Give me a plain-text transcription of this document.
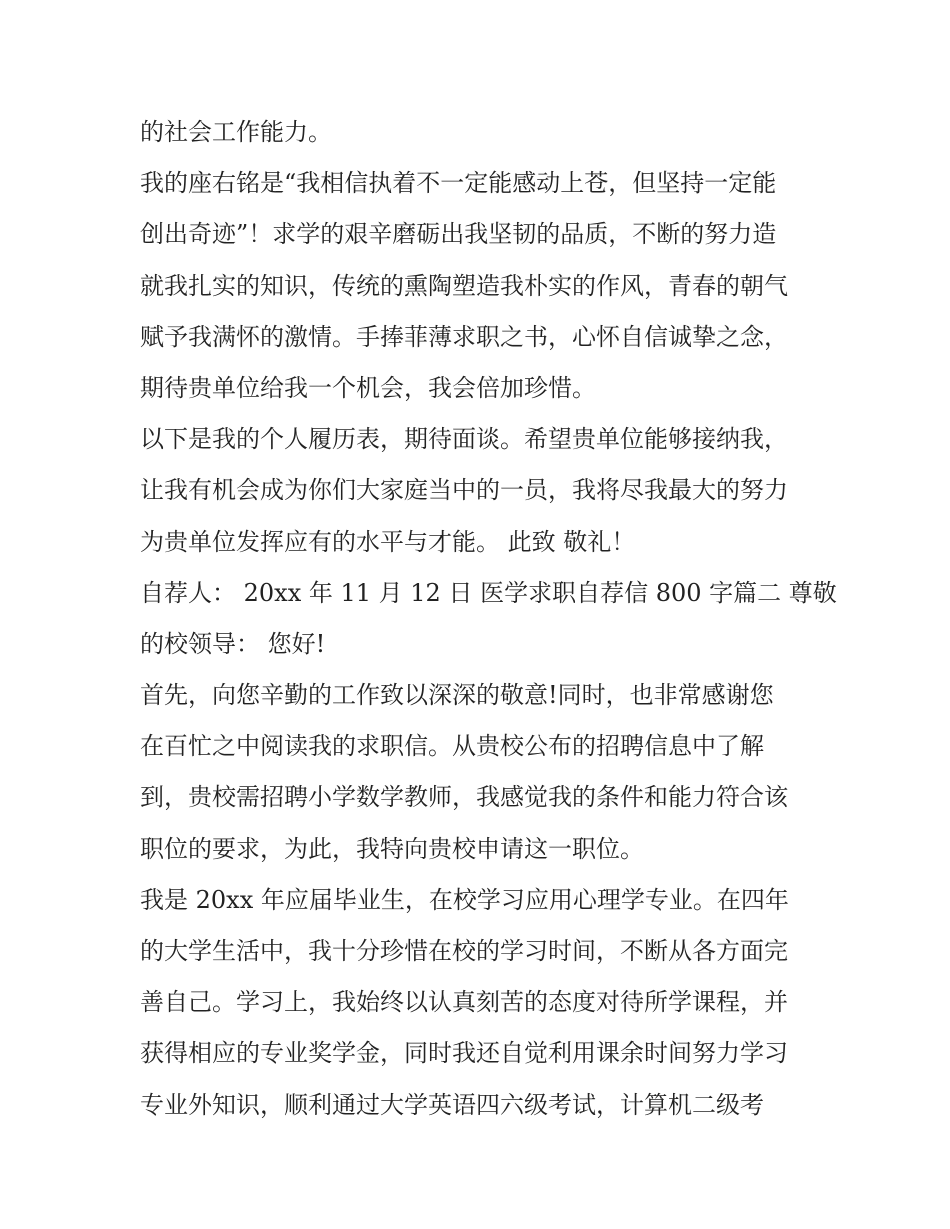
的社会工作能力。
我的座右铭是“我相信执着不一定能感动上苍，但坚持一定能
创出奇迹”！求学的艰辛磨砺出我坚韧的品质，不断的努力造
就我扎实的知识，传统的熏陶塑造我朴实的作风，青春的朝气
赋予我满怀的激情。手捧菲薄求职之书，心怀自信诚挚之念，
期待贵单位给我一个机会，我会倍加珍惜。
以下是我的个人履历表，期待面谈。希望贵单位能够接纳我，
让我有机会成为你们大家庭当中的一员，我将尽我最大的努力
为贵单位发挥应有的水平与才能。 此致 敬礼！
自荐人： 20xx 年 11 月 12 日 医学求职自荐信 800 字篇二 尊敬
的校领导： 您好!
首先，向您辛勤的工作致以深深的敬意!同时，也非常感谢您
在百忙之中阅读我的求职信。从贵校公布的招聘信息中了解
到，贵校需招聘小学数学教师，我感觉我的条件和能力符合该
职位的要求，为此，我特向贵校申请这一职位。
我是 20xx 年应届毕业生，在校学习应用心理学专业。在四年
的大学生活中，我十分珍惜在校的学习时间，不断从各方面完
善自己。学习上，我始终以认真刻苦的态度对待所学课程，并
获得相应的专业奖学金，同时我还自觉利用课余时间努力学习
专业外知识，顺利通过大学英语四六级考试，计算机二级考
